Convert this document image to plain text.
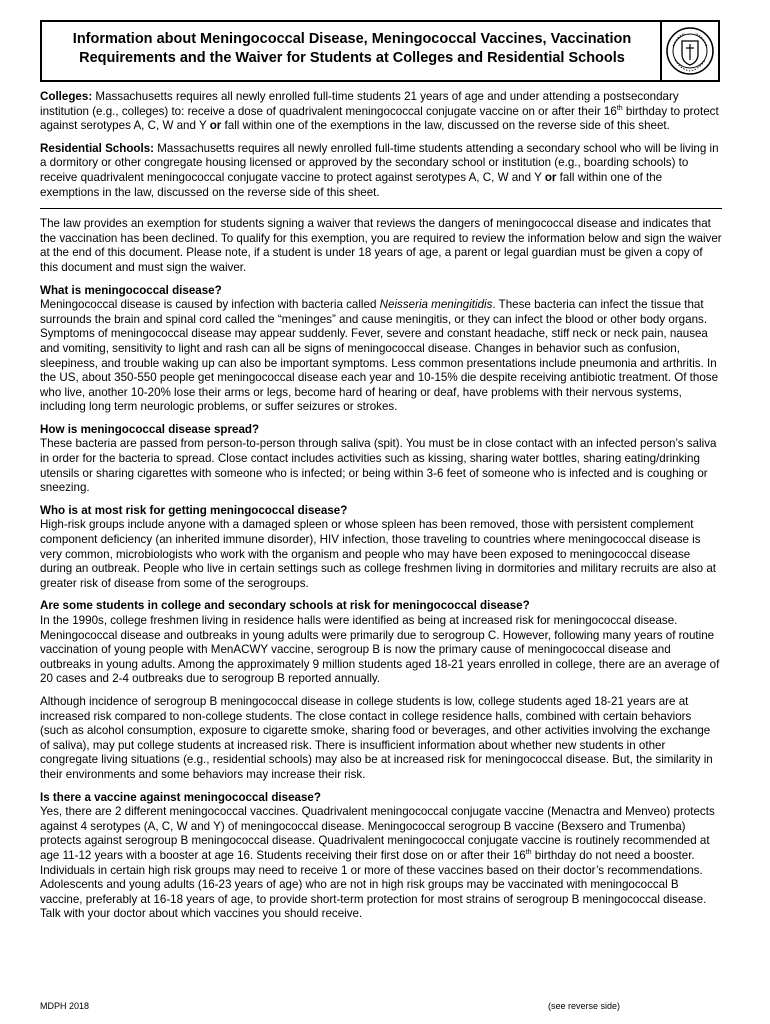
Information about Meningococcal Disease, Meningococcal Vaccines, Vaccination
Requirements and the Waiver for Students at Colleges and Residential Schools

Colleges: Massachusetts requires all newly enrolled full-time students 21 years of age and under attending a postsecondary institution (e.g., colleges) to: receive a dose of quadrivalent meningococcal conjugate vaccine on or after their 16th birthday to protect against serotypes A, C, W and Y or fall within one of the exemptions in the law, discussed on the reverse side of this sheet.

Residential Schools: Massachusetts requires all newly enrolled full-time students attending a secondary school who will be living in a dormitory or other congregate housing licensed or approved by the secondary school or institution (e.g., boarding schools) to receive quadrivalent meningococcal conjugate vaccine to protect against serotypes A, C, W and Y or fall within one of the exemptions in the law, discussed on the reverse side of this sheet.

The law provides an exemption for students signing a waiver that reviews the dangers of meningococcal disease and indicates that the vaccination has been declined. To qualify for this exemption, you are required to review the information below and sign the waiver at the end of this document. Please note, if a student is under 18 years of age, a parent or legal guardian must be given a copy of this document and must sign the waiver.

What is meningococcal disease?
Meningococcal disease is caused by infection with bacteria called Neisseria meningitidis. These bacteria can infect the tissue that surrounds the brain and spinal cord called the “meninges” and cause meningitis, or they can infect the blood or other body organs. Symptoms of meningococcal disease may appear suddenly. Fever, severe and constant headache, stiff neck or neck pain, nausea and vomiting, sensitivity to light and rash can all be signs of meningococcal disease. Changes in behavior such as confusion, sleepiness, and trouble waking up can also be important symptoms. Less common presentations include pneumonia and arthritis. In the US, about 350-550 people get meningococcal disease each year and 10-15% die despite receiving antibiotic treatment. Of those who live, another 10-20% lose their arms or legs, become hard of hearing or deaf, have problems with their nervous systems, including long term neurologic problems, or suffer seizures or strokes.

How is meningococcal disease spread?
These bacteria are passed from person-to-person through saliva (spit). You must be in close contact with an infected person’s saliva in order for the bacteria to spread. Close contact includes activities such as kissing, sharing water bottles, sharing eating/drinking utensils or sharing cigarettes with someone who is infected; or being within 3-6 feet of someone who is infected and is coughing or sneezing.

Who is at most risk for getting meningococcal disease?
High-risk groups include anyone with a damaged spleen or whose spleen has been removed, those with persistent complement component deficiency (an inherited immune disorder), HIV infection, those traveling to countries where meningococcal disease is very common, microbiologists who work with the organism and people who may have been exposed to meningococcal disease during an outbreak. People who live in certain settings such as college freshmen living in dormitories and military recruits are also at greater risk of disease from some of the serogroups.

Are some students in college and secondary schools at risk for meningococcal disease?
In the 1990s, college freshmen living in residence halls were identified as being at increased risk for meningococcal disease. Meningococcal disease and outbreaks in young adults were primarily due to serogroup C. However, following many years of routine vaccination of young people with MenACWY vaccine, serogroup B is now the primary cause of meningococcal disease and outbreaks in young adults. Among the approximately 9 million students aged 18-21 years enrolled in college, there are an average of 20 cases and 2-4 outbreaks due to serogroup B reported annually.

Although incidence of serogroup B meningococcal disease in college students is low, college students aged 18-21 years are at increased risk compared to non-college students. The close contact in college residence halls, combined with certain behaviors (such as alcohol consumption, exposure to cigarette smoke, sharing food or beverages, and other activities involving the exchange of saliva), may put college students at increased risk. There is insufficient information about whether new students in other congregate living situations (e.g., residential schools) may also be at increased risk for meningococcal disease. But, the similarity in their environments and some behaviors may increase their risk.

Is there a vaccine against meningococcal disease?
Yes, there are 2 different meningococcal vaccines. Quadrivalent meningococcal conjugate vaccine (Menactra and Menveo) protects against 4 serotypes (A, C, W and Y) of meningococcal disease. Meningococcal serogroup B vaccine (Bexsero and Trumenba) protects against serogroup B meningococcal disease. Quadrivalent meningococcal conjugate vaccine is routinely recommended at age 11-12 years with a booster at age 16. Students receiving their first dose on or after their 16th birthday do not need a booster. Individuals in certain high risk groups may need to receive 1 or more of these vaccines based on their doctor’s recommendations. Adolescents and young adults (16-23 years of age) who are not in high risk groups may be vaccinated with meningococcal B vaccine, preferably at 16-18 years of age, to provide short-term protection for most strains of serogroup B meningococcal disease. Talk with your doctor about which vaccines you should receive.

MDPH 2018	(see reverse side)
